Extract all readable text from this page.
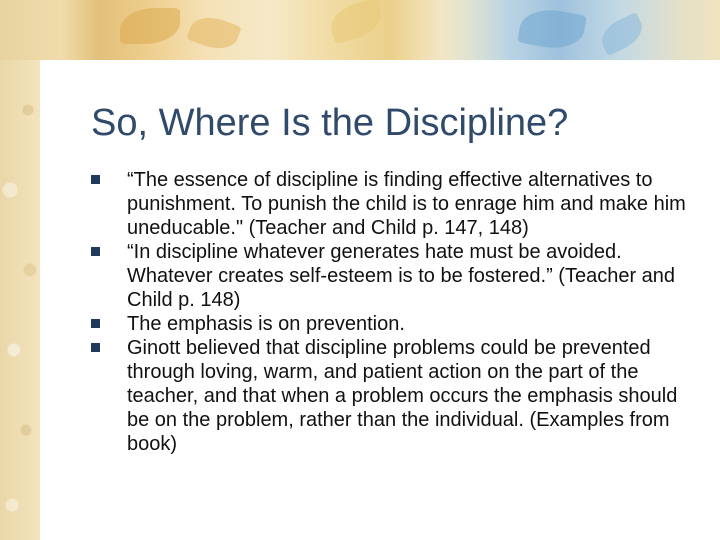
So, Where Is the Discipline?
“The essence of discipline is finding effective alternatives to punishment. To punish the child is to enrage him and make him uneducable." (Teacher and Child p. 147, 148)
“In discipline whatever generates hate must be avoided. Whatever creates self-esteem is to be fostered.” (Teacher and Child p. 148)
The emphasis is on prevention.
Ginott believed that discipline problems could be prevented through loving, warm, and patient action on the part of the teacher, and that when a problem occurs the emphasis should be on the problem, rather than the individual. (Examples from book)
